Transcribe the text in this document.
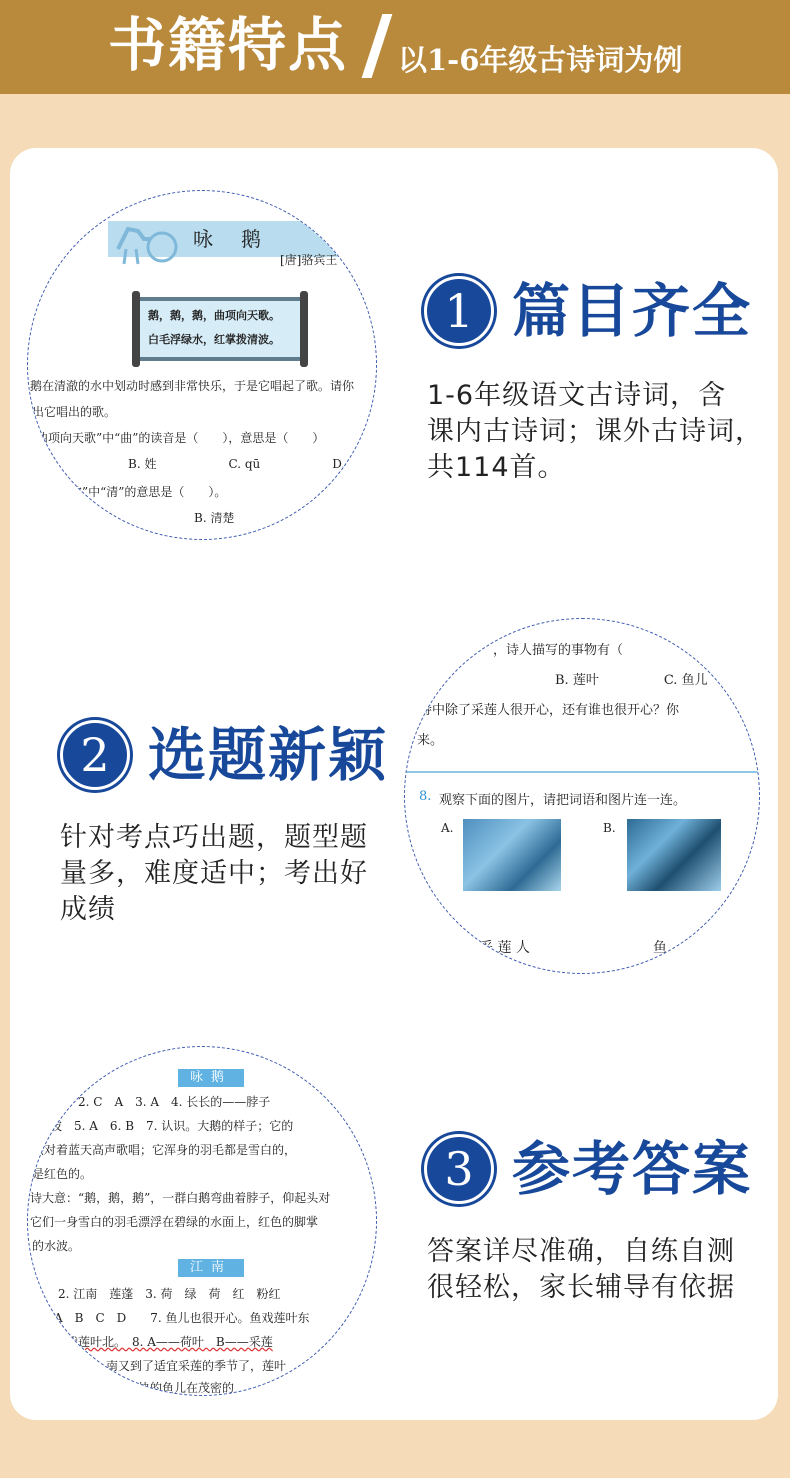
书籍特点 以1-6年级古诗词为例
咏　鹅
[唐]骆宾王
鹅，鹅，鹅，曲项向天歌。
白毛浮绿水，红掌拨清波。
鹅在清澈的水中划动时感到非常快乐，于是它唱起了歌。请你
出它唱出的歌。
曲项向天歌”中“曲”的读音是（　　），意思是（　　）
B. 姓　　　　　　C. qū　　　　　　D.
清波”中“清”的意思是（　　）。
B. 清楚
1 篇目齐全
1-6年级语文古诗词，含
课内古诗词；课外古诗词，
共114首。
2 选题新颖
针对考点巧出题，题型题
量多，难度适中；考出好
成绩
，诗人描写的事物有（
B. 莲叶　　　　　C. 鱼儿
诗中除了采莲人很开心，还有谁也很开心？你
来。
8. 观察下面的图片，请把词语和图片连一连。
A.	B.
采 莲 人	鱼
咏鹅
鹅　2. C　A　3. A　4. 长长的——脖子
水波　5. A　6. B　7. 认识。大鹅的样子；它的
头对着蓝天高声歌唱；它浑身的羽毛都是雪白的，
是红色的。
诗大意：“鹅，鹅，鹅”，一群白鹅弯曲着脖子，仰起头对
它们一身雪白的羽毛漂浮在碧绿的水面上，红色的脚掌
的水波。
江南
么　2. 江南　莲蓬　3. 荷　绿　荷　红　粉红
A　B　C　D　　7. 鱼儿也很开心。鱼戏莲叶东
鱼戏莲叶北。　8. A——荷叶　B——采莲
南又到了适宜采莲的季节了，莲叶
快的鱼儿在茂密的
3 参考答案
答案详尽准确，自练自测
很轻松，家长辅导有依据
